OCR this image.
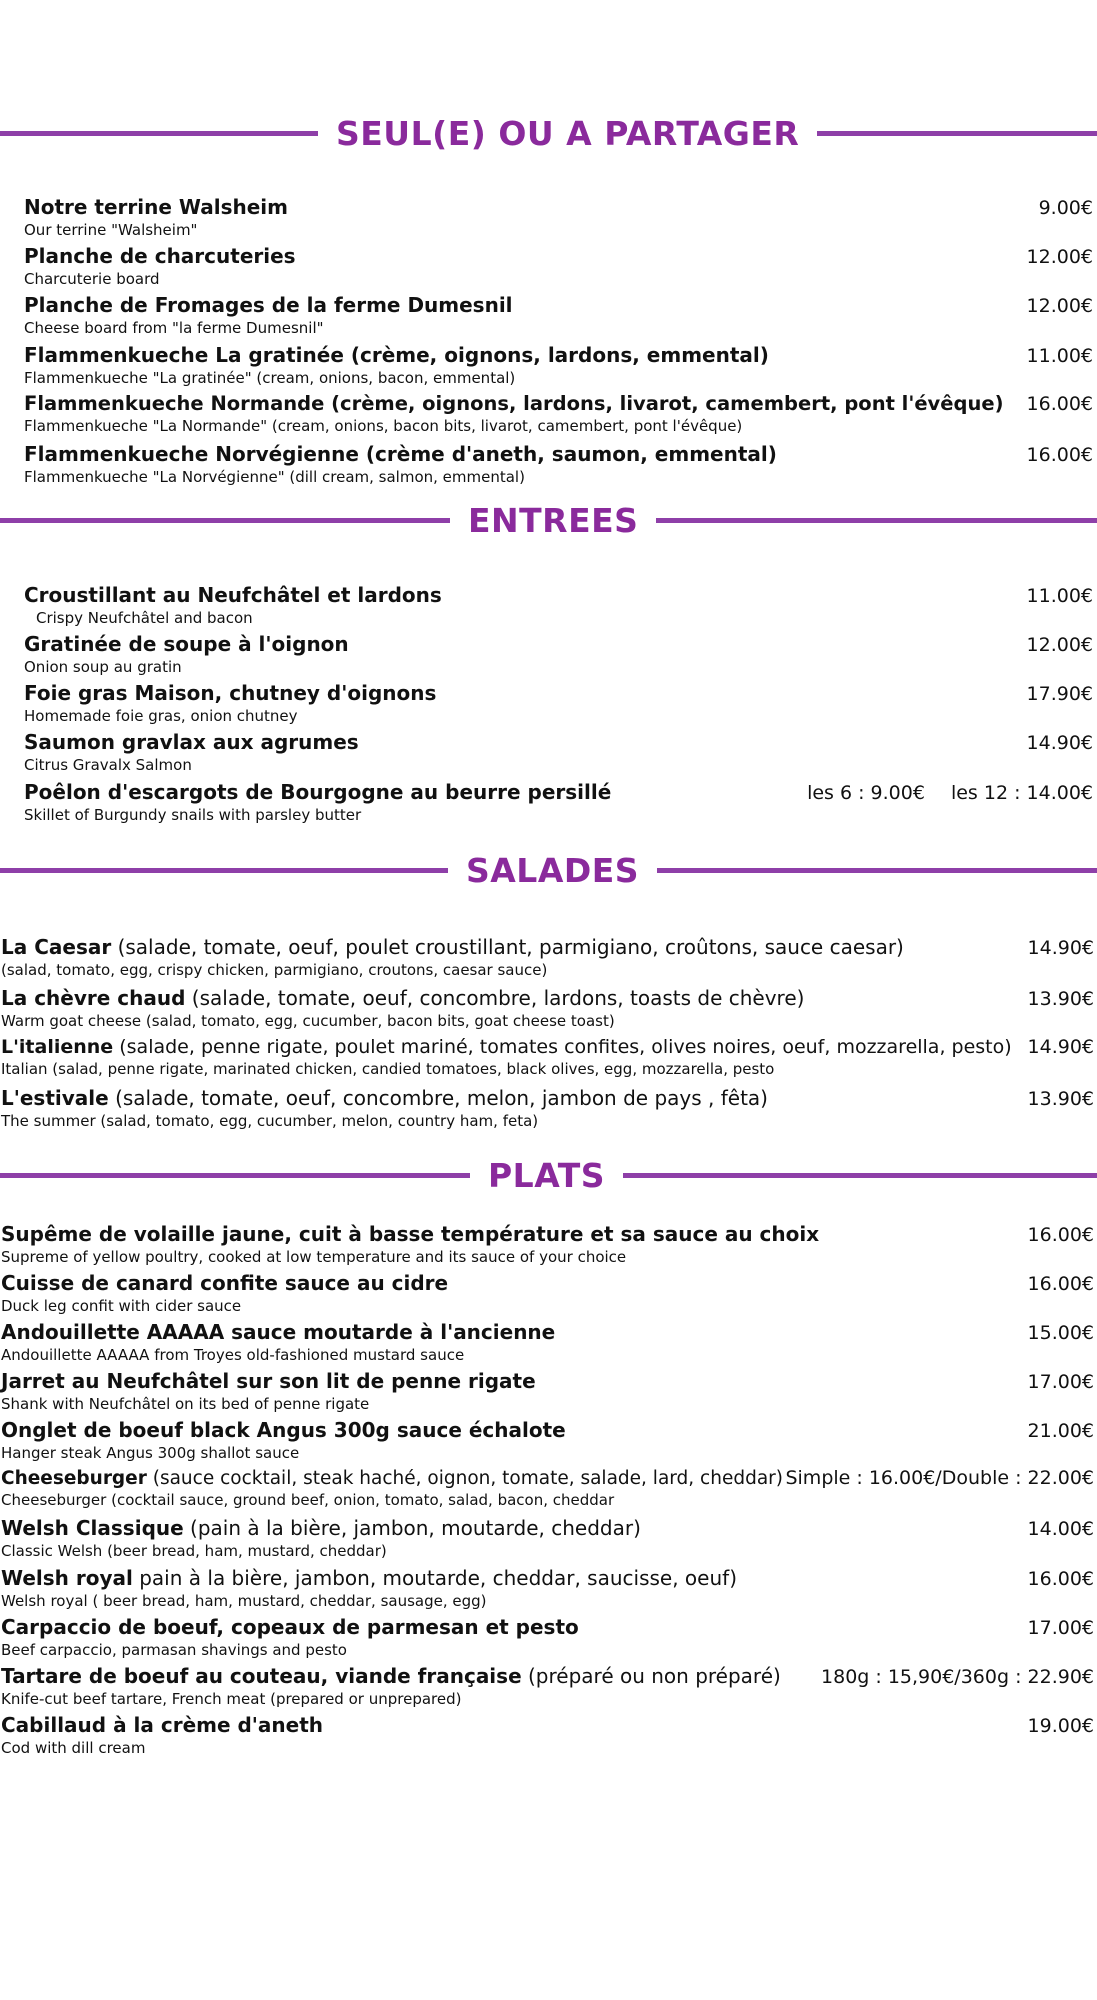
SEUL(E) OU A PARTAGER
Notre terrine Walsheim	9.00€
Our terrine "Walsheim"
Planche de charcuteries	12.00€
Charcuterie board
Planche de Fromages de la ferme Dumesnil	12.00€
Cheese board from "la ferme Dumesnil"
Flammenkueche La gratinée (crème, oignons, lardons, emmental)	11.00€
Flammenkueche "La gratinée" (cream, onions, bacon, emmental)
Flammenkueche Normande (crème, oignons, lardons, livarot, camembert, pont l'évêque) 16.00€
Flammenkueche "La Normande" (cream, onions, bacon bits, livarot, camembert, pont l'évêque)
Flammenkueche Norvégienne (crème d'aneth, saumon, emmental)	16.00€
Flammenkueche "La Norvégienne" (dill cream, salmon, emmental)
ENTREES
Croustillant au Neufchâtel et lardons	11.00€
Crispy Neufchâtel and bacon
Gratinée de soupe à l'oignon	12.00€
Onion soup au gratin
Foie gras Maison, chutney d'oignons	17.90€
Homemade foie gras, onion chutney
Saumon gravlax aux agrumes	14.90€
Citrus Gravalx Salmon
Poêlon d'escargots de Bourgogne au beurre persillé	les 6 : 9.00€ les 12 : 14.00€
Skillet of Burgundy snails with parsley butter
SALADES
La Caesar (salade, tomate, oeuf, poulet croustillant, parmigiano, croûtons, sauce caesar)	14.90€
(salad, tomato, egg, crispy chicken, parmigiano, croutons, caesar sauce)
La chèvre chaud (salade, tomate, oeuf, concombre, lardons, toasts de chèvre)	13.90€
Warm goat cheese (salad, tomato, egg, cucumber, bacon bits, goat cheese toast)
L'italienne (salade, penne rigate, poulet mariné, tomates confites, olives noires, oeuf, mozzarella, pesto) 14.90€
Italian (salad, penne rigate, marinated chicken, candied tomatoes, black olives, egg, mozzarella, pesto
L'estivale (salade, tomate, oeuf, concombre, melon, jambon de pays , fêta)	13.90€
The summer (salad, tomato, egg, cucumber, melon, country ham, feta)
PLATS
Supême de volaille jaune, cuit à basse température et sa sauce au choix	16.00€
Supreme of yellow poultry, cooked at low temperature and its sauce of your choice
Cuisse de canard confite sauce au cidre	16.00€
Duck leg confit with cider sauce
Andouillette AAAAA sauce moutarde à l'ancienne	15.00€
Andouillette AAAAA from Troyes old-fashioned mustard sauce
Jarret au Neufchâtel sur son lit de penne rigate	17.00€
Shank with Neufchâtel on its bed of penne rigate
Onglet de boeuf black Angus 300g sauce échalote	21.00€
Hanger steak Angus 300g shallot sauce
Cheeseburger (sauce cocktail, steak haché, oignon, tomate, salade, lard, cheddar) Simple : 16.00€/Double : 22.00€
Cheeseburger (cocktail sauce, ground beef, onion, tomato, salad, bacon, cheddar
Welsh Classique (pain à la bière, jambon, moutarde, cheddar)	14.00€
Classic Welsh (beer bread, ham, mustard, cheddar)
Welsh royal pain à la bière, jambon, moutarde, cheddar, saucisse, oeuf)	16.00€
Welsh royal ( beer bread, ham, mustard, cheddar, sausage, egg)
Carpaccio de boeuf, copeaux de parmesan et pesto	17.00€
Beef carpaccio, parmasan shavings and pesto
Tartare de boeuf au couteau, viande française (préparé ou non préparé) 180g : 15,90€/360g : 22.90€
Knife-cut beef tartare, French meat (prepared or unprepared)
Cabillaud à la crème d'aneth	19.00€
Cod with dill cream
